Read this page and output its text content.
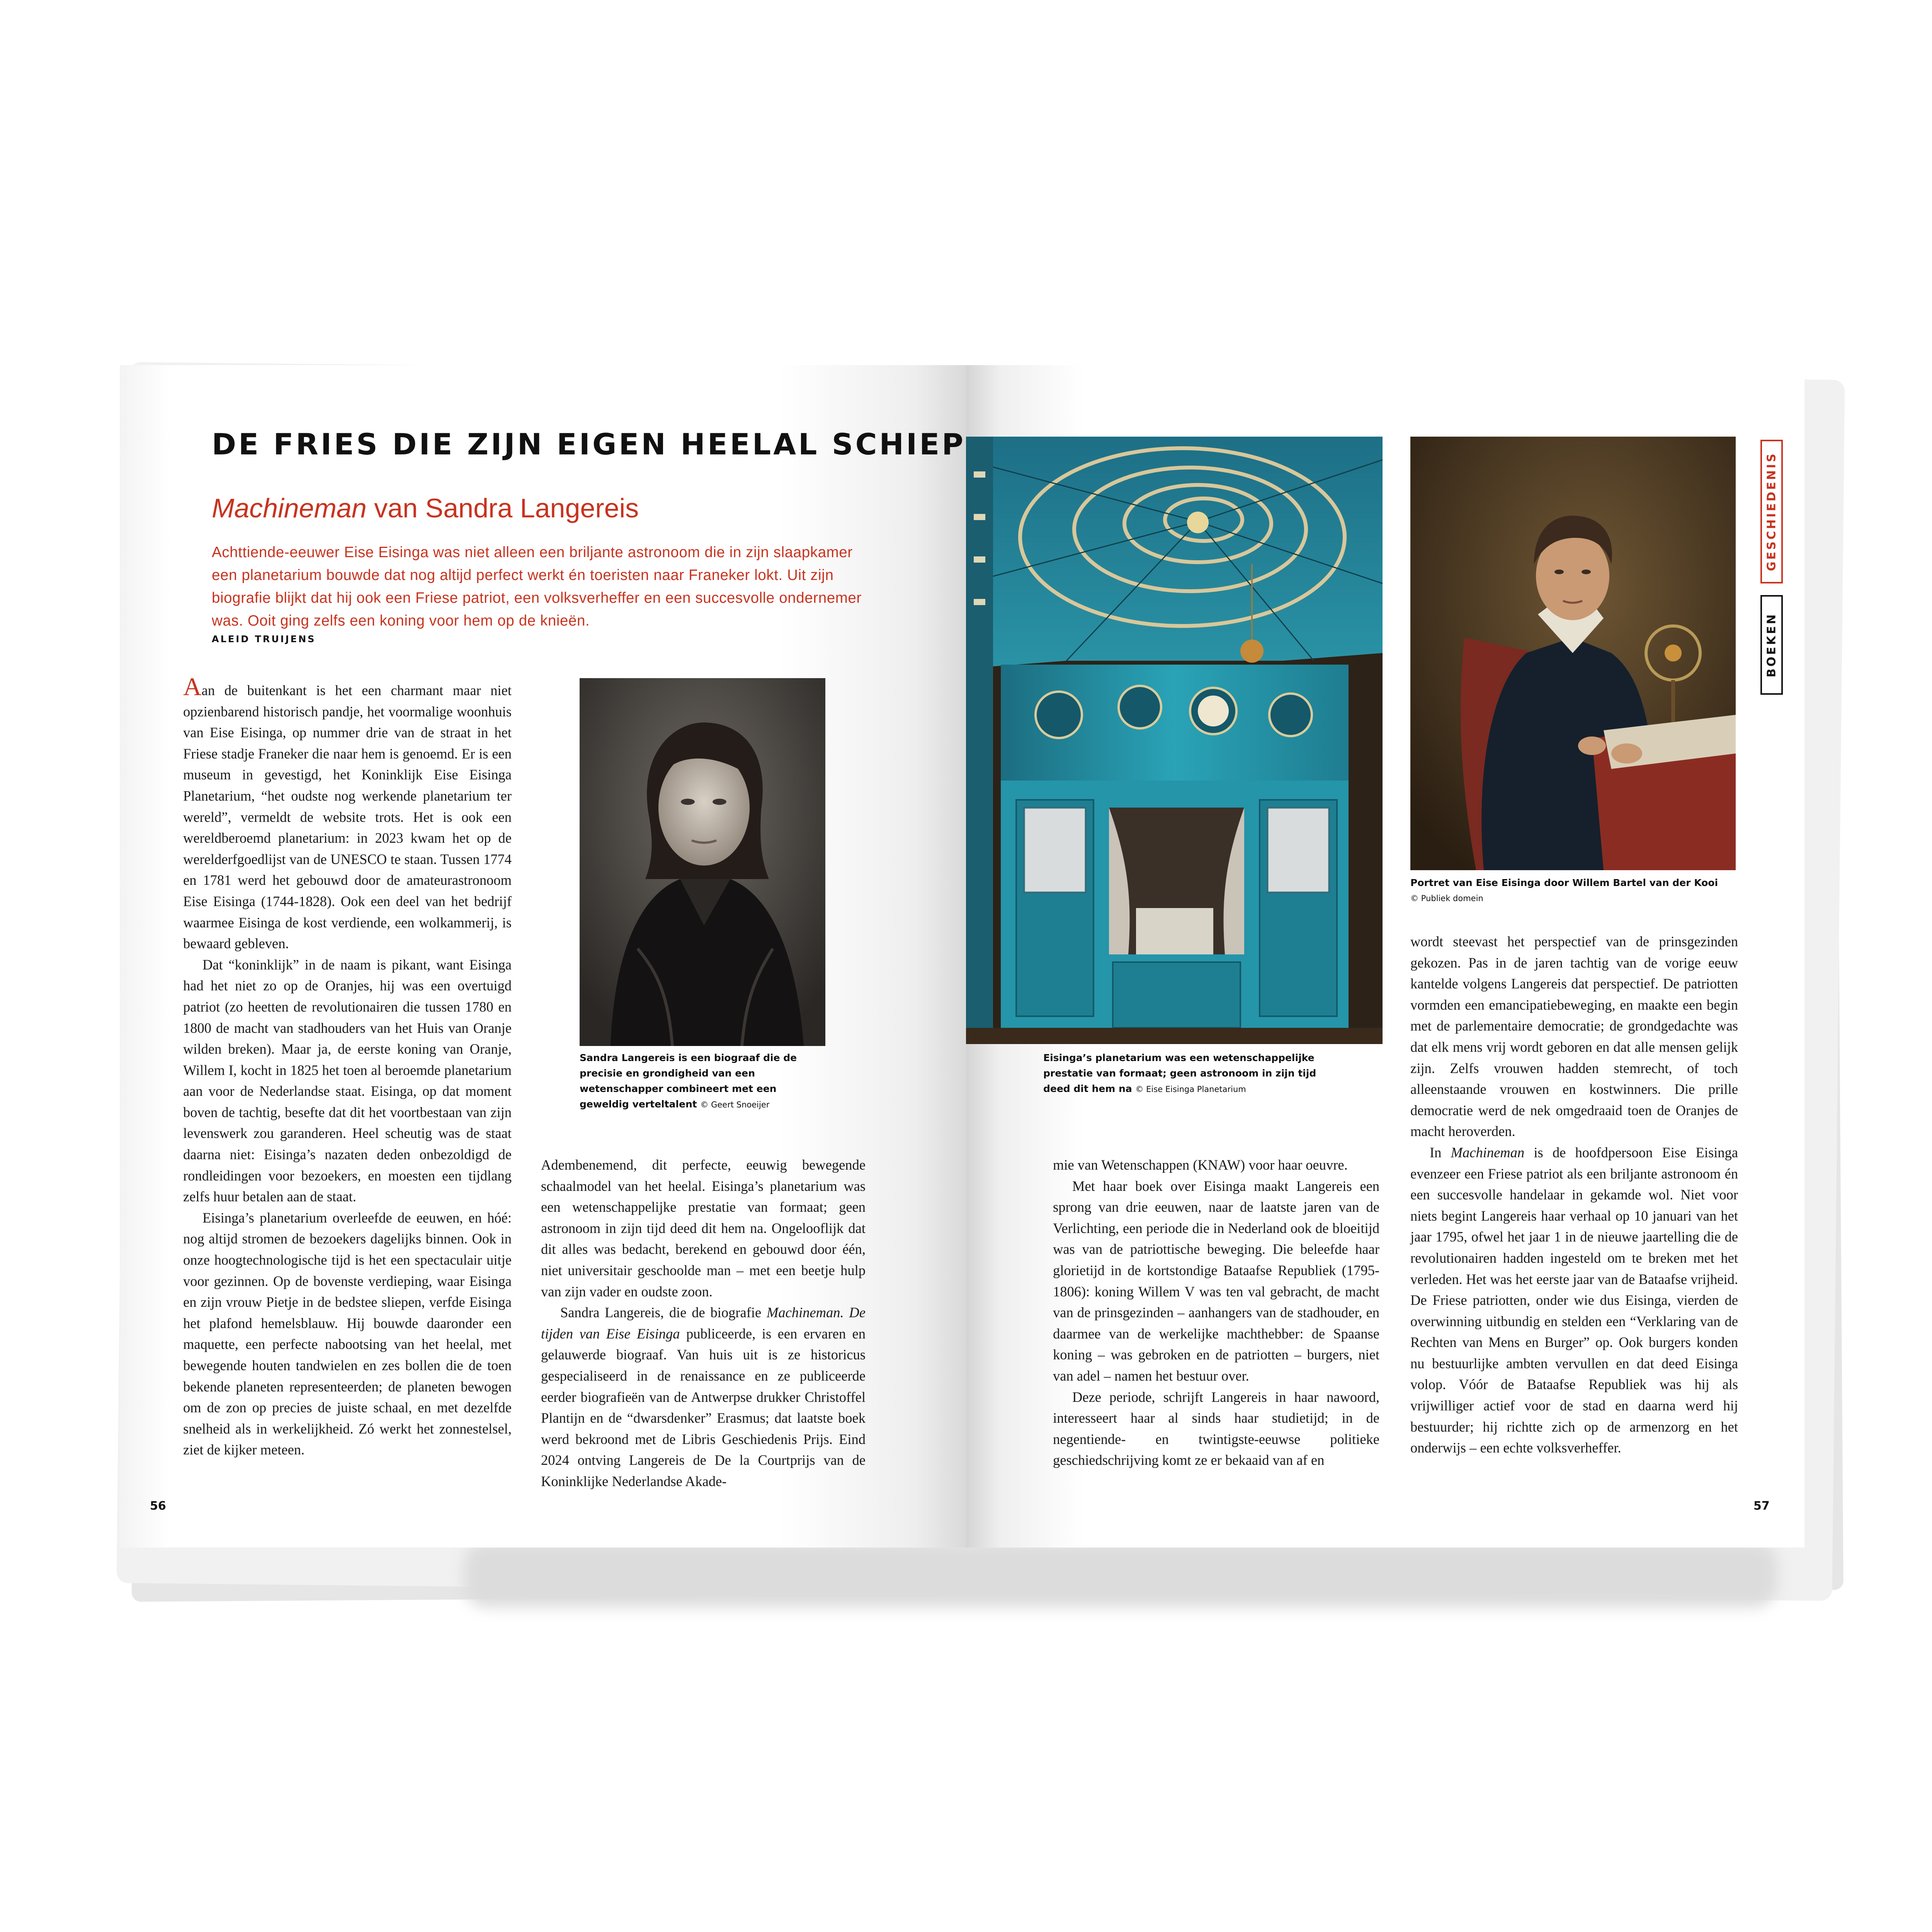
DE FRIES DIE ZIJN EIGEN HEELAL SCHIEP
Machineman van Sandra Langereis
Achttiende-eeuwer Eise Eisinga was niet alleen een briljante astronoom die in zijn slaapkamer een planetarium bouwde dat nog altijd perfect werkt én toeristen naar Franeker lokt. Uit zijn biografie blijkt dat hij ook een Friese patriot, een volksverheffer en een succesvolle ondernemer was. Ooit ging zelfs een koning voor hem op de knieën.
ALEID TRUIJENS

Aan de buitenkant is het een charmant maar niet opzienbarend historisch pandje, het voormalige woonhuis van Eise Eisinga, op nummer drie van de straat in het Friese stadje Franeker die naar hem is genoemd. Er is een museum in gevestigd, het Koninklijk Eise Eisinga Planetarium, “het oudste nog werkende planetarium ter wereld”, vermeldt de website trots. Het is ook een wereldberoemd planetarium: in 2023 kwam het op de werelderfgoedlijst van de UNESCO te staan. Tussen 1774 en 1781 werd het gebouwd door de amateurastronoom Eise Eisinga (1744-1828). Ook een deel van het bedrijf waarmee Eisinga de kost verdiende, een wolkammerij, is bewaard gebleven.

Dat “koninklijk” in de naam is pikant, want Eisinga had het niet zo op de Oranjes, hij was een overtuigd patriot (zo heetten de revolutionairen die tussen 1780 en 1800 de macht van stadhouders van het Huis van Oranje wilden breken). Maar ja, de eerste koning van Oranje, Willem I, kocht in 1825 het toen al beroemde planetarium aan voor de Nederlandse staat. Eisinga, op dat moment boven de tachtig, besefte dat dit het voortbestaan van zijn levenswerk zou garanderen. Heel scheutig was de staat daarna niet: Eisinga’s nazaten deden onbezoldigd de rondleidingen voor bezoekers, en moesten een tijdlang zelfs huur betalen aan de staat.

Eisinga’s planetarium overleefde de eeuwen, en hóé: nog altijd stromen de bezoekers dagelijks binnen. Ook in onze hoogtechnologische tijd is het een spectaculair uitje voor gezinnen. Op de bovenste verdieping, waar Eisinga en zijn vrouw Pietje in de bedstee sliepen, verfde Eisinga het plafond hemelsblauw. Hij bouwde daaronder een maquette, een perfecte nabootsing van het heelal, met bewegende houten tandwielen en zes bollen die de toen bekende planeten representeerden; de planeten bewogen om de zon op precies de juiste schaal, en met dezelfde snelheid als in werkelijkheid. Zó werkt het zonnestelsel, ziet de kijker meteen.

Sandra Langereis is een biograaf die de precisie en grondigheid van een wetenschapper combineert met een geweldig verteltalent © Geert Snoeijer

Adembenemend, dit perfecte, eeuwig bewegende schaalmodel van het heelal. Eisinga’s planetarium was een wetenschappelijke prestatie van formaat; geen astronoom in zijn tijd deed dit hem na. Ongelooflijk dat dit alles was bedacht, berekend en gebouwd door één, niet universitair geschoolde man – met een beetje hulp van zijn vader en oudste zoon.

Sandra Langereis, die de biografie Machineman. De tijden van Eise Eisinga publiceerde, is een ervaren en gelauwerde biograaf. Van huis uit is ze historicus gespecialiseerd in de renaissance en ze publiceerde eerder biografieën van de Antwerpse drukker Christoffel Plantijn en de “dwarsdenker” Erasmus; dat laatste boek werd bekroond met de Libris Geschiedenis Prijs. Eind 2024 ontving Langereis de De la Courtprijs van de Koninklijke Nederlandse Akade-

56
Eisinga’s planetarium was een wetenschappelijke prestatie van formaat; geen astronoom in zijn tijd deed dit hem na © Eise Eisinga Planetarium

mie van Wetenschappen (KNAW) voor haar oeuvre.

Met haar boek over Eisinga maakt Langereis een sprong van drie eeuwen, naar de laatste jaren van de Verlichting, een periode die in Nederland ook de bloeitijd was van de patriottische beweging. Die beleefde haar glorietijd in de kortstondige Bataafse Republiek (1795-1806): koning Willem V was ten val gebracht, de macht van de prinsgezinden – aanhangers van de stadhouder, en daarmee van de werkelijke machthebber: de Spaanse koning – was gebroken en de patriotten – burgers, niet van adel – namen het bestuur over.

Deze periode, schrijft Langereis in haar nawoord, interesseert haar al sinds haar studietijd; in de negentiende- en twintigste-eeuwse politieke geschiedschrijving komt ze er bekaaid van af en

Portret van Eise Eisinga door Willem Bartel van der Kooi
© Publiek domein

wordt steevast het perspectief van de prinsgezinden gekozen. Pas in de jaren tachtig van de vorige eeuw kantelde volgens Langereis dat perspectief. De patriotten vormden een emancipatiebeweging, en maakte een begin met de parlementaire democratie; de grondgedachte was dat elk mens vrij wordt geboren en dat alle mensen gelijk zijn. Zelfs vrouwen hadden stemrecht, of toch alleenstaande vrouwen en kostwinners. Die prille democratie werd de nek omgedraaid toen de Oranjes de macht heroverden.

In Machineman is de hoofdpersoon Eise Eisinga evenzeer een Friese patriot als een briljante astronoom én een succesvolle handelaar in gekamde wol. Niet voor niets begint Langereis haar verhaal op 10 januari van het jaar 1795, ofwel het jaar 1 in de nieuwe jaartelling die de revolutionairen hadden ingesteld om te breken met het verleden. Het was het eerste jaar van de Bataafse vrijheid. De Friese patriotten, onder wie dus Eisinga, vierden de overwinning uitbundig en stelden een “Verklaring van de Rechten van Mens en Burger” op. Ook burgers konden nu bestuurlijke ambten vervullen en dat deed Eisinga volop. Vóór de Bataafse Republiek was hij als vrijwilliger actief voor de stad en daarna werd hij bestuurder; hij richtte zich op de armenzorg en het onderwijs – een echte volksverheffer.

GESCHIEDENIS
BOEKEN
57
